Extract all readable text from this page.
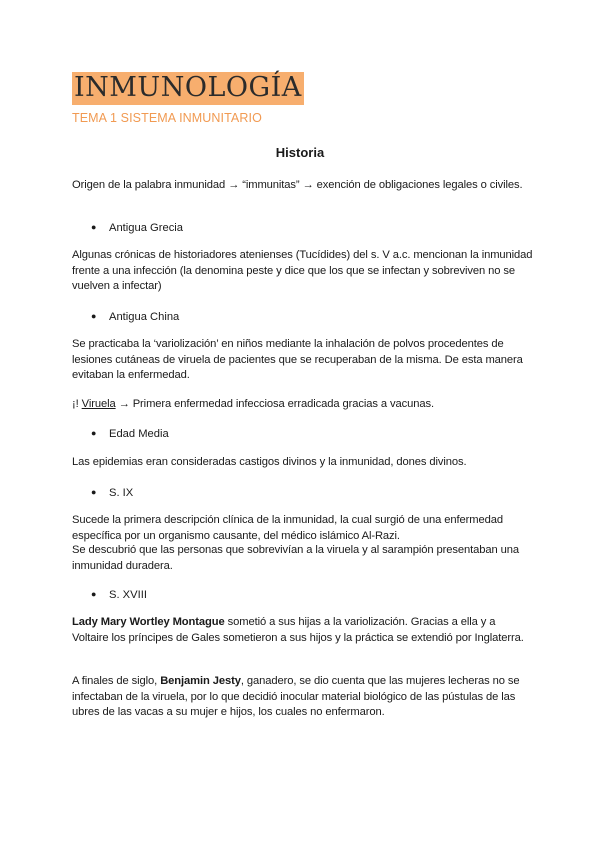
INMUNOLOGÍA
TEMA 1 SISTEMA INMUNITARIO
Historia
Origen de la palabra inmunidad → “immunitas” → exención de obligaciones legales o civiles.
● Antigua Grecia
Algunas crónicas de historiadores atenienses (Tucídides) del s. V a.c. mencionan la inmunidad frente a una infección (la denomina peste y dice que los que se infectan y sobreviven no se vuelven a infectar)
● Antigua China
Se practicaba la ‘variolización’ en niños mediante la inhalación de polvos procedentes de lesiones cutáneas de viruela de pacientes que se recuperaban de la misma. De esta manera evitaban la enfermedad.
¡! Viruela → Primera enfermedad infecciosa erradicada gracias a vacunas.
● Edad Media
Las epidemias eran consideradas castigos divinos y la inmunidad, dones divinos.
● S. IX
Sucede la primera descripción clínica de la inmunidad, la cual surgió de una enfermedad específica por un organismo causante, del médico islámico Al-Razi.
Se descubrió que las personas que sobrevivían a la viruela y al sarampión presentaban una inmunidad duradera.
● S. XVIII
Lady Mary Wortley Montague sometió a sus hijas a la variolización. Gracias a ella y a Voltaire los príncipes de Gales sometieron a sus hijos y la práctica se extendió por Inglaterra.
A finales de siglo, Benjamin Jesty, ganadero, se dio cuenta que las mujeres lecheras no se infectaban de la viruela, por lo que decidió inocular material biológico de las pústulas de las ubres de las vacas a su mujer e hijos, los cuales no enfermaron.
